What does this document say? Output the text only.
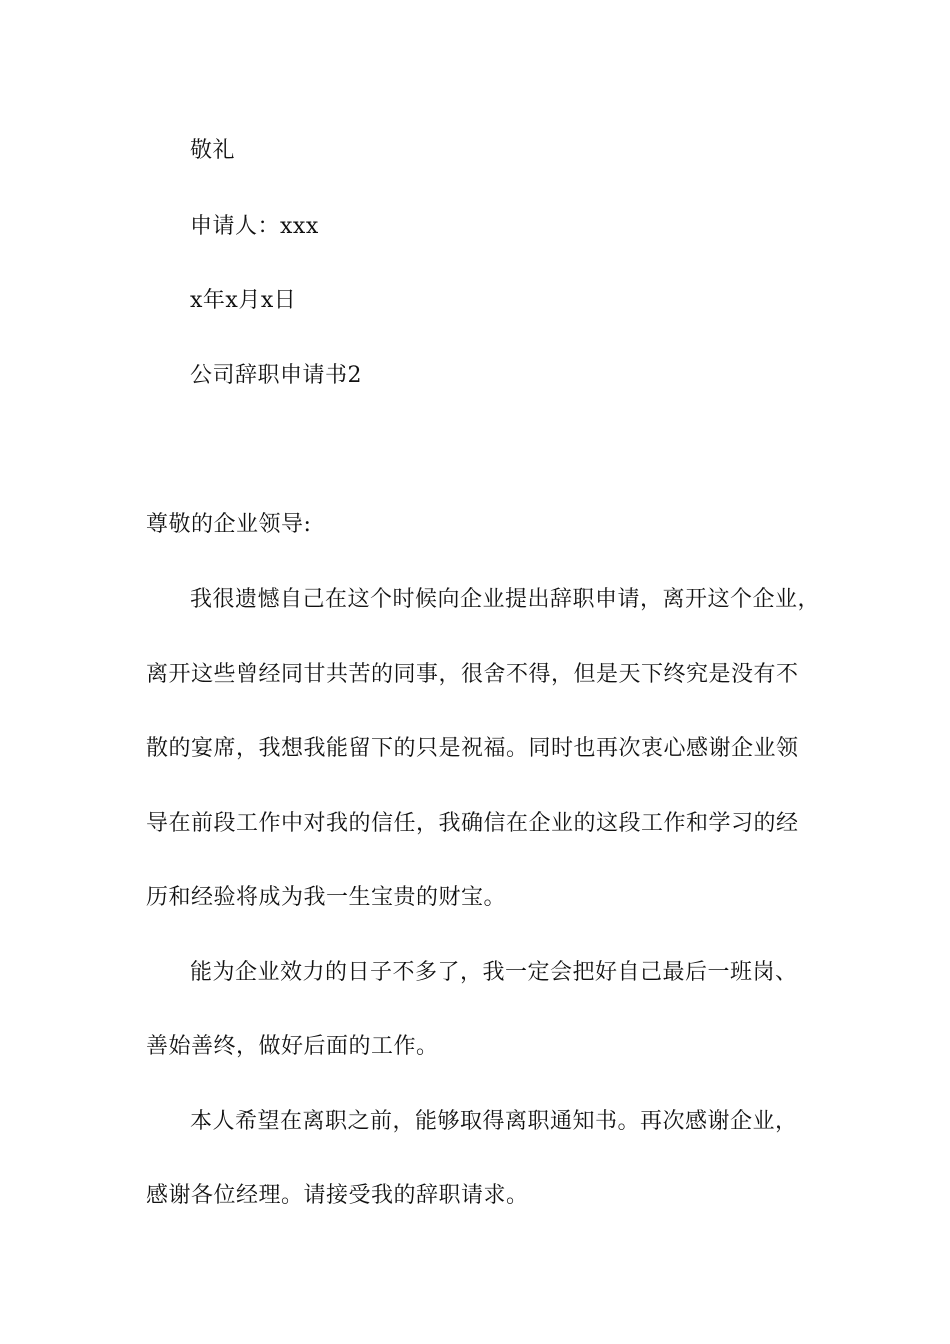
敬礼
申请人：xxx
x年x月x日
公司辞职申请书2
尊敬的企业领导:
我很遗憾自己在这个时候向企业提出辞职申请，离开这个企业，
离开这些曾经同甘共苦的同事，很舍不得，但是天下终究是没有不
散的宴席，我想我能留下的只是祝福。同时也再次衷心感谢企业领
导在前段工作中对我的信任，我确信在企业的这段工作和学习的经
历和经验将成为我一生宝贵的财宝。
能为企业效力的日子不多了，我一定会把好自己最后一班岗、
善始善终，做好后面的工作。
本人希望在离职之前，能够取得离职通知书。再次感谢企业，
感谢各位经理。请接受我的辞职请求。
